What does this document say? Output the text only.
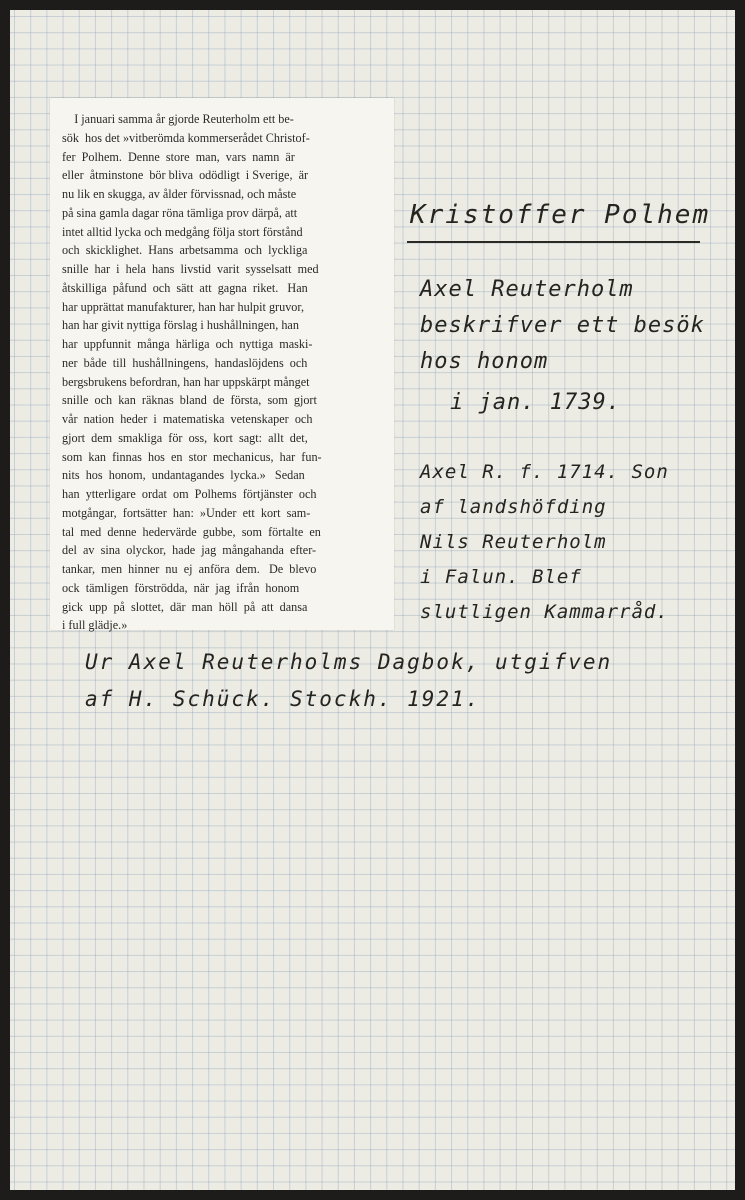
I januari samma år gjorde Reuterholm ett be-
sök  hos det »vitberömda kommerserådet Christof-
fer  Polhem.  Denne  store  man,  vars  namn  är
eller  åtminstone  bör bliva  odödligt  i Sverige,  är
nu lik en skugga, av ålder förvissnad, och måste
på sina gamla dagar röna tämliga prov därpå, att
intet alltid lycka och medgång följa stort förstånd
och  skicklighet.  Hans  arbetsamma  och  lyckliga
snille  har  i  hela  hans  livstid  varit  sysselsatt  med
åtskilliga  påfund  och  sätt  att  gagna  riket.   Han
har upprättat manufakturer, han har hulpit gruvor,
han har givit nyttiga förslag i hushållningen, han
har  uppfunnit  många  härliga  och  nyttiga  maski-
ner  både  till  hushållningens,  handaslöjdens  och
bergsbrukens befordran, han har uppskärpt månget
snille  och  kan  räknas  bland  de  första,  som  gjort
vår  nation  heder  i  matematiska  vetenskaper  och
gjort  dem  smakliga  för  oss,  kort  sagt:  allt  det,
som  kan  finnas  hos  en  stor  mechanicus,  har  fun-
nits  hos  honom,  undantagandes  lycka.»   Sedan
han  ytterligare  ordat  om  Polhems  förtjänster  och
motgångar,  fortsätter  han:  »Under  ett  kort  sam-
tal  med  denne  hedervärde  gubbe,  som  förtalte  en
del  av  sina  olyckor,  hade  jag  mångahanda  efter-
tankar,  men  hinner  nu  ej  anföra  dem.   De  blevo
ock  tämligen  förströdda,  när  jag  ifrån  honom
gick  upp  på  slottet,  där  man  höll  på  att  dansa
i full glädje.»
Kristoffer Polhem
Axel Reuterholm
beskrifver ett besök
hos honom
i jan. 1739.
Axel R. f. 1714. Son
af landshöfding
Nils Reuterholm
i Falun. Blef
slutligen Kammarråd.
Ur Axel Reuterholms Dagbok, utgifven
af H. Schück. Stockh. 1921.
